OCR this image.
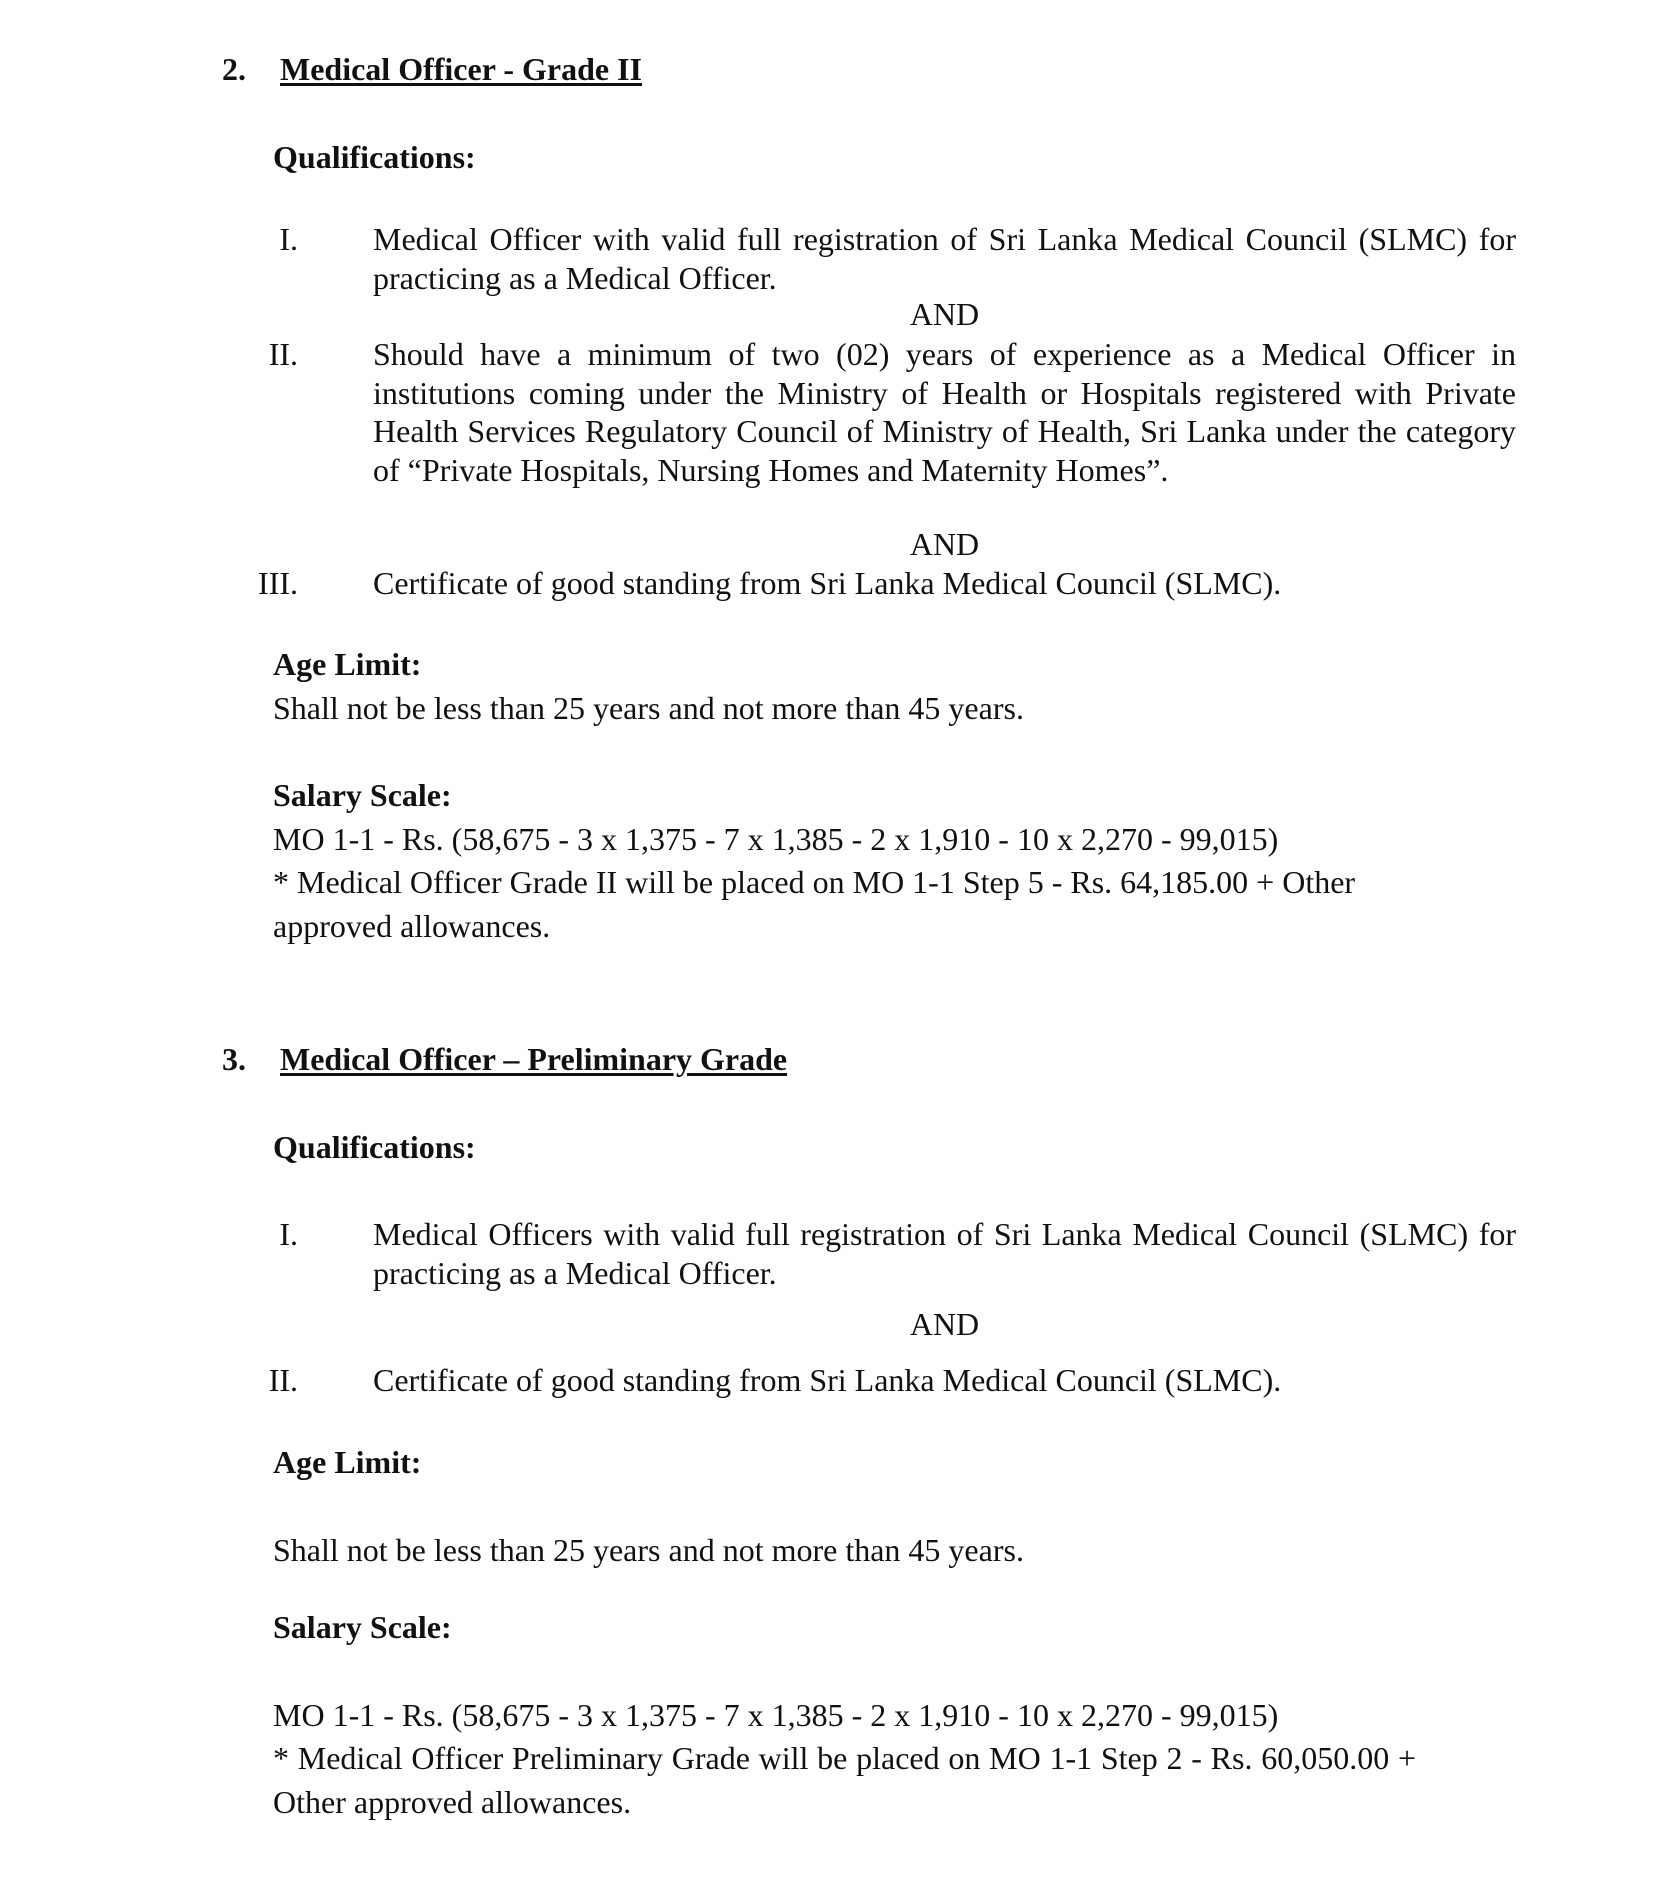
2. Medical Officer - Grade II
Qualifications:
I. Medical Officer with valid full registration of Sri Lanka Medical Council (SLMC) for practicing as a Medical Officer.
AND
II. Should have a minimum of two (02) years of experience as a Medical Officer in institutions coming under the Ministry of Health or Hospitals registered with Private Health Services Regulatory Council of Ministry of Health, Sri Lanka under the category of “Private Hospitals, Nursing Homes and Maternity Homes”.
AND
III. Certificate of good standing from Sri Lanka Medical Council (SLMC).
Age Limit:
Shall not be less than 25 years and not more than 45 years.
Salary Scale:
MO 1-1 - Rs. (58,675 - 3 x 1,375 - 7 x 1,385 - 2 x 1,910 - 10 x 2,270 - 99,015)
* Medical Officer Grade II will be placed on MO 1-1 Step 5 - Rs. 64,185.00 + Other approved allowances.
3. Medical Officer – Preliminary Grade
Qualifications:
I. Medical Officers with valid full registration of Sri Lanka Medical Council (SLMC) for practicing as a Medical Officer.
AND
II. Certificate of good standing from Sri Lanka Medical Council (SLMC).
Age Limit:
Shall not be less than 25 years and not more than 45 years.
Salary Scale:
MO 1-1 - Rs. (58,675 - 3 x 1,375 - 7 x 1,385 - 2 x 1,910 - 10 x 2,270 - 99,015)
* Medical Officer Preliminary Grade will be placed on MO 1-1 Step 2 - Rs. 60,050.00 + Other approved allowances.
